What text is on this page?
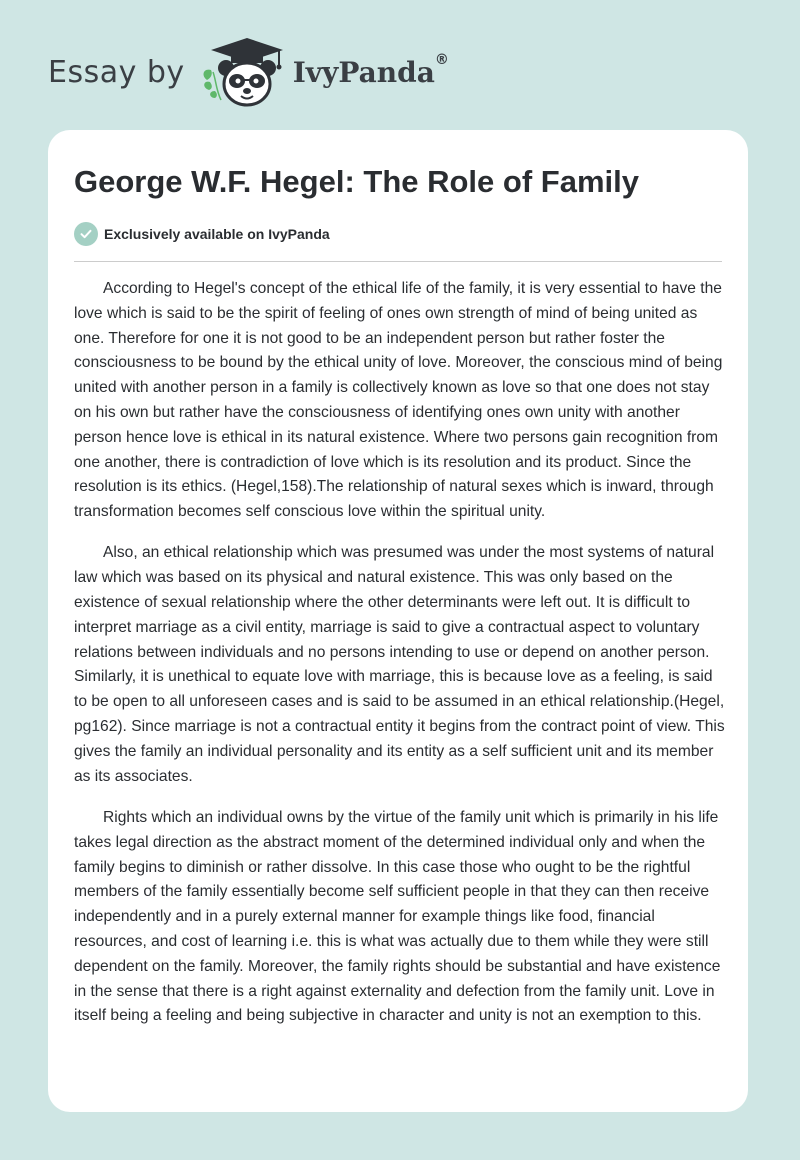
Essay by	IvyPanda®
George W.F. Hegel: The Role of Family
Exclusively available on IvyPanda

According to Hegel's concept of the ethical life of the family, it is very essential to have the love which is said to be the spirit of feeling of ones own strength of mind of being united as one. Therefore for one it is not good to be an independent person but rather foster the consciousness to be bound by the ethical unity of love. Moreover, the conscious mind of being united with another person in a family is collectively known as love so that one does not stay on his own but rather have the consciousness of identifying ones own unity with another person hence love is ethical in its natural existence. Where two persons gain recognition from one another, there is contradiction of love which is its resolution and its product. Since the resolution is its ethics. (Hegel,158).The relationship of natural sexes which is inward, through transformation becomes self conscious love within the spiritual unity.

Also, an ethical relationship which was presumed was under the most systems of natural law which was based on its physical and natural existence. This was only based on the existence of sexual relationship where the other determinants were left out. It is difficult to interpret marriage as a civil entity, marriage is said to give a contractual aspect to voluntary relations between individuals and no persons intending to use or depend on another person. Similarly, it is unethical to equate love with marriage, this is because love as a feeling, is said to be open to all unforeseen cases and is said to be assumed in an ethical relationship.(Hegel, pg162). Since marriage is not a contractual entity it begins from the contract point of view. This gives the family an individual personality and its entity as a self sufficient unit and its member as its associates.

Rights which an individual owns by the virtue of the family unit which is primarily in his life takes legal direction as the abstract moment of the determined individual only and when the family begins to diminish or rather dissolve. In this case those who ought to be the rightful members of the family essentially become self sufficient people in that they can then receive independently and in a purely external manner for example things like food, financial resources, and cost of learning i.e. this is what was actually due to them while they were still dependent on the family. Moreover, the family rights should be substantial and have existence in the sense that there is a right against externality and defection from the family unit. Love in itself being a feeling and being subjective in character and unity is not an exemption to this.
